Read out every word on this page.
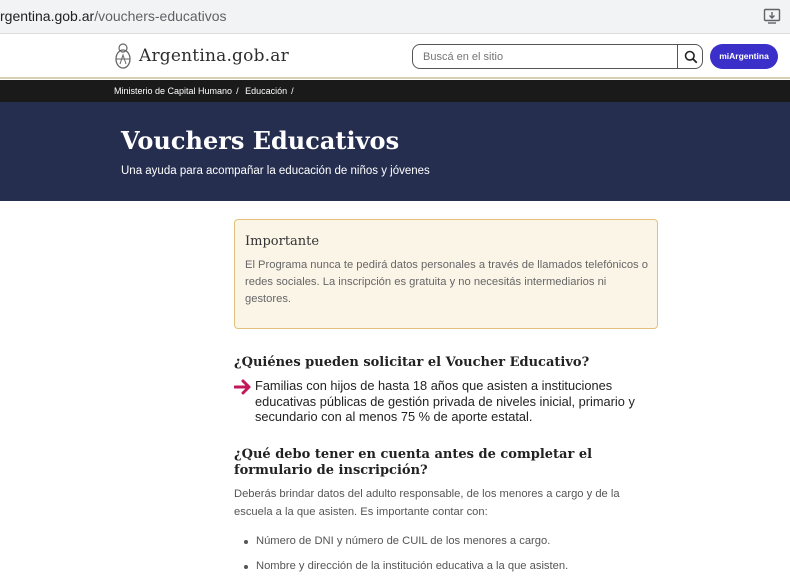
rgentina.gob.ar/vouchers-educativos
Argentina.gob.ar
Buscá en el sitio	miArgentina
Ministerio de Capital Humano / Educación /
Vouchers Educativos

Una ayuda para acompañar la educación de niños y jóvenes

Importante
El Programa nunca te pedirá datos personales a través de llamados telefónicos o redes sociales. La inscripción es gratuita y no necesitás intermediarios ni gestores.
¿Quiénes pueden solicitar el Voucher Educativo?

Familias con hijos de hasta 18 años que asisten a instituciones educativas públicas de gestión privada de niveles inicial, primario y secundario con al menos 75 % de aporte estatal.

¿Qué debo tener en cuenta antes de completar el formulario de inscripción?

Deberás brindar datos del adulto responsable, de los menores a cargo y de la escuela a la que asisten. Es importante contar con:

Número de DNI y número de CUIL de los menores a cargo.
Nombre y dirección de la institución educativa a la que asisten.
